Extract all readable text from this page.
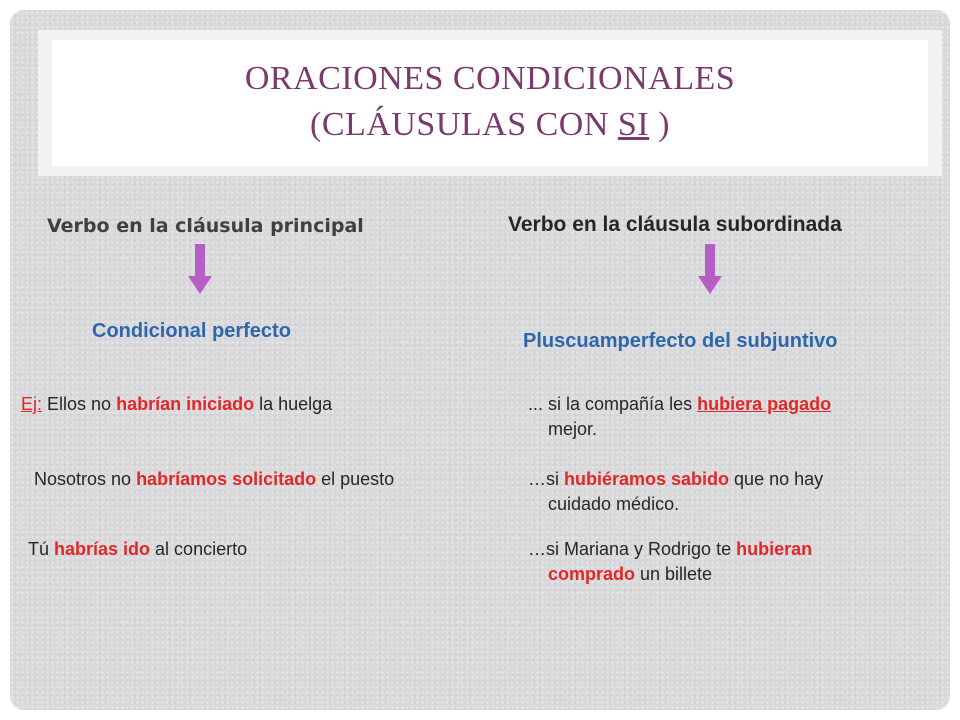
ORACIONES CONDICIONALES
(CLÁUSULAS CON SI )
Verbo en la cláusula principal	Verbo en la cláusula subordinada
Condicional perfecto	Pluscuamperfecto del subjuntivo
Ej: Ellos no habrían iniciado la huelga	... si la compañía les hubiera pagado
mejor.
Nosotros no habríamos solicitado el puesto	…si hubiéramos sabido que no hay
cuidado médico.
Tú habrías ido al concierto	…si Mariana y Rodrigo te hubieran
comprado un billete
